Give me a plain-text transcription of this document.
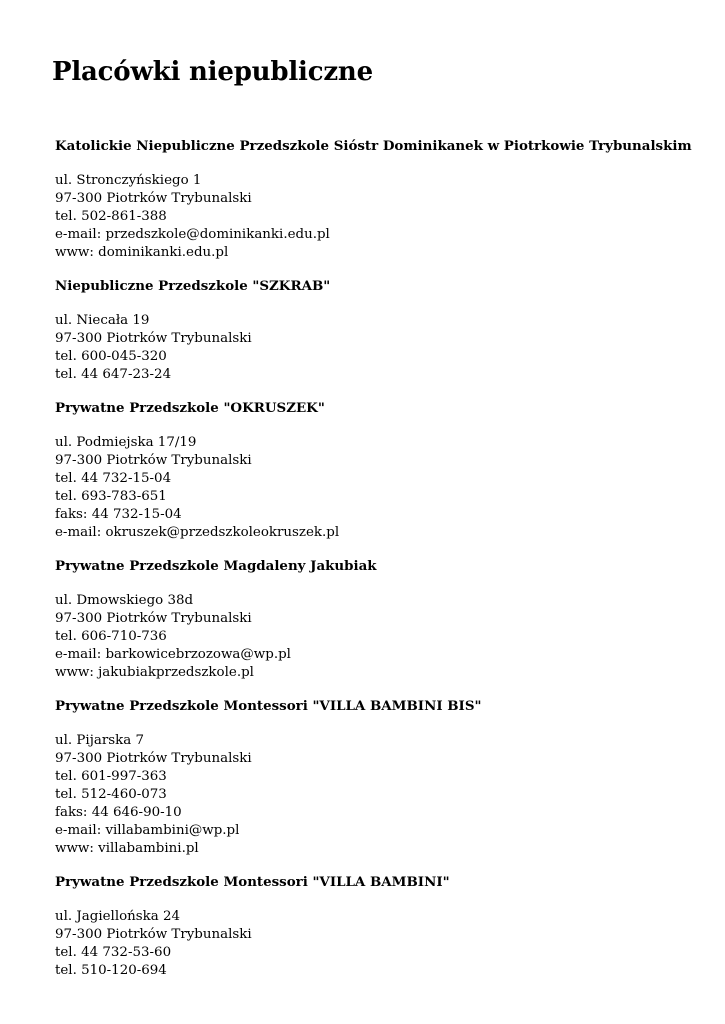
Placówki niepubliczne

Katolickie Niepubliczne Przedszkole Sióstr Dominikanek w Piotrkowie Trybunalskim

ul. Stronczyńskiego 1
97-300 Piotrków Trybunalski
tel. 502-861-388
e-mail: przedszkole@dominikanki.edu.pl
www: dominikanki.edu.pl

Niepubliczne Przedszkole "SZKRAB"

ul. Niecała 19
97-300 Piotrków Trybunalski
tel. 600-045-320
tel. 44 647-23-24

Prywatne Przedszkole "OKRUSZEK"

ul. Podmiejska 17/19
97-300 Piotrków Trybunalski
tel. 44 732-15-04
tel. 693-783-651
faks: 44 732-15-04
e-mail: okruszek@przedszkoleokruszek.pl

Prywatne Przedszkole Magdaleny Jakubiak

ul. Dmowskiego 38d
97-300 Piotrków Trybunalski
tel. 606-710-736
e-mail: barkowicebrzozowa@wp.pl
www: jakubiakprzedszkole.pl

Prywatne Przedszkole Montessori "VILLA BAMBINI BIS"

ul. Pijarska 7
97-300 Piotrków Trybunalski
tel. 601-997-363
tel. 512-460-073
faks: 44 646-90-10
e-mail: villabambini@wp.pl
www: villabambini.pl

Prywatne Przedszkole Montessori "VILLA BAMBINI"

ul. Jagiellońska 24
97-300 Piotrków Trybunalski
tel. 44 732-53-60
tel. 510-120-694
